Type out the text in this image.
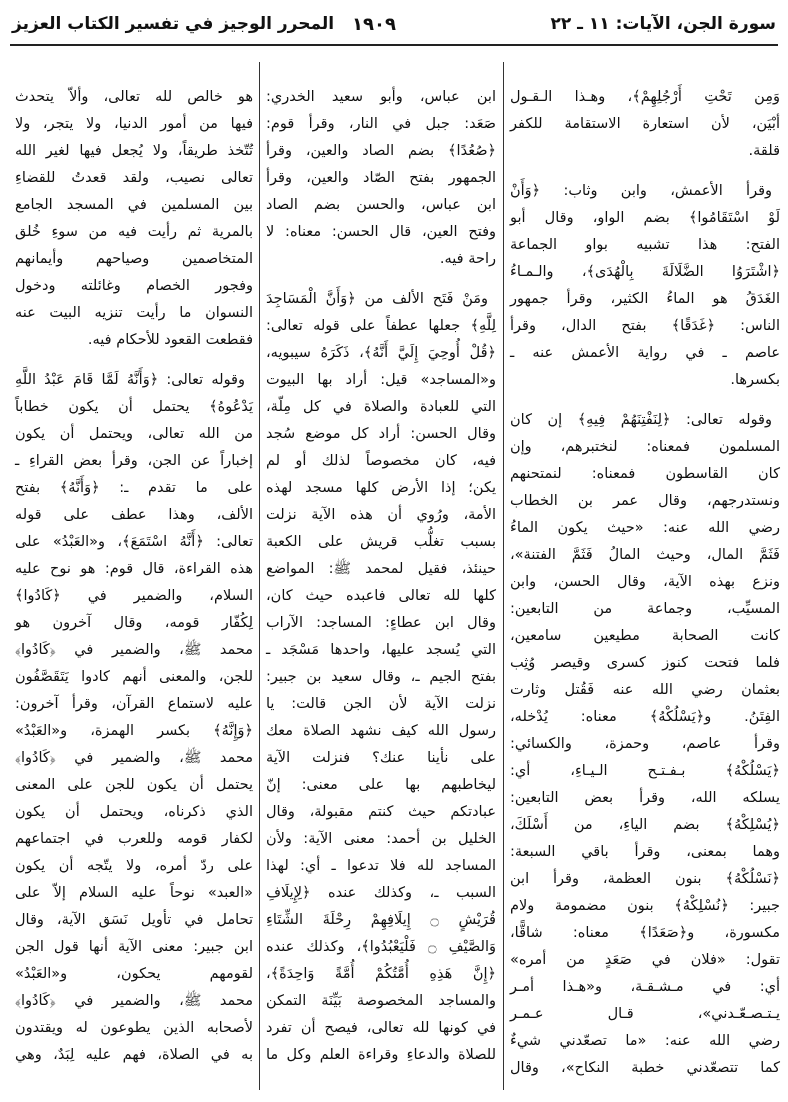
سورة الجن، الآيات: ١١ ـ ٢٢
١٩٠٩
المحرر الوجيز في تفسير الكتاب العزيز
وَمِن تَحْتِ أَرْجُلِهِمْ﴾، وهـذا الـقـول
أبْيَن، لأن استعارة الاستقامة للكفر
قلقة.
وقرأ الأعمش، وابن وثاب: ﴿وَأَنْ
لَوْ اسْتَقَامُوا﴾ بضم الواو، وقال أبو
الفتح: هذا تشبيه بواو الجماعة
﴿اشْتَرَوُا الضَّلَالَةَ بِالْهُدَى﴾، والـمـاءُ
الغَدَقُ هو الماءُ الكثير، وقرأ جمهور
الناس: ﴿غَدَقًا﴾ بفتح الدال، وقرأ
عاصم ـ في رواية الأعمش عنه ـ
بكسرها.
وقوله تعالى: ﴿لِنَفْتِنَهُمْ فِيهِ﴾ إن كان
المسلمون فمعناه: لنختبرهم، وإن
كان القاسطون فمعناه: لنمتحنهم
ونستدرجهم، وقال عمر بن الخطاب
رضي الله عنه: «حيث يكون الماءُ
فَثَمَّ المال، وحيث المالُ فَثَمَّ الفتنة»،
ونزع بهذه الآية، وقال الحسن، وابن
المسيِّب، وجماعة من التابعين:
كانت الصحابة مطيعين سامعين،
فلما فتحت كنوز كسرى وقيصر وُثِب
بعثمان رضي الله عنه فَقُتل وثارت
الفِتَنُ. و﴿يَسْلُكْهُ﴾ معناه: يُدْخله،
وقرأ عاصم، وحمزة، والكسائي:
﴿يَسْلُكْهُ﴾ بـفـتـح الـيـاءِ، أي:
يسلكه الله، وقرأ بعض التابعين:
﴿يُسْلِكْهُ﴾ بضم الياءِ، من أَسْلَكَ،
وهما بمعنى، وقرأ باقي السبعة:
﴿نَسْلُكْهُ﴾ بنون العظمة، وقرأ ابن
جبير: ﴿نُسْلِكْهُ﴾ بنون مضمومة ولام
مكسورة، و﴿صَعَدًا﴾ معناه: شاقًّا،
تقول: «فلان في صَعَدٍ من أمره»
أي: في مـشـقـة، و«هـذا أمـر
يـتـصـعّـدني»، قـال عـمـر
رضي الله عنه: «ما تصعّدني شيءٌ
كما تتصعّدني خطبة النكاح»، وقال
ابن عباس، وأبو سعيد الخدري:
صَعَد: جبل في النار، وقرأ قوم:
﴿صُعُدًا﴾ بضم الصاد والعين، وقرأ
الجمهور بفتح الصّاد والعين، وقرأ
ابن عباس، والحسن بضم الصاد
وفتح العين، قال الحسن: معناه: لا
راحة فيه.
ومَنْ فَتَح الألف من ﴿وَأَنَّ الْمَسَاجِدَ
لِلَّهِ﴾ جعلها عطفاً على قوله تعالى:
﴿قُلْ أُوحِيَ إِلَيَّ أَنَّهُ﴾، ذَكَرَهُ سيبويه،
و«المساجد» قيل: أراد بها البيوت
التي للعبادة والصلاة في كل مِلّة،
وقال الحسن: أراد كل موضع سُجد
فيه، كان مخصوصاً لذلك أو لم
يكن؛ إذا الأرض كلها مسجد لهذه
الأمة، ورُوي أن هذه الآية نزلت
بسبب تغلُّب قريش على الكعبة
حينئذ، فقيل لمحمد ﷺ: المواضع
كلها لله تعالى فاعبده حيث كان،
وقال ابن عطاءٍ: المساجد: الآراب
التي يُسجد عليها، واحدها مَسْجَد ـ
بفتح الجيم ـ، وقال سعيد بن جبير:
نزلت الآية لأن الجن قالت: يا
رسول الله كيف نشهد الصلاة معك
على نأينا عنك؟ فنزلت الآية
ليخاطبهم بها على معنى: إنّ
عبادتكم حيث كنتم مقبولة، وقال
الخليل بن أحمد: معنى الآية: ولأن
المساجد لله فلا تدعوا ـ أي: لهذا
السبب ـ، وكذلك عنده ﴿لِإِيلَافِ
قُرَيْشٍ ۝ إِيلَافِهِمْ رِحْلَةَ الشِّتَاءِ
وَالصَّيْفِ ۝ فَلْيَعْبُدُوا﴾، وكذلك عنده
﴿إِنَّ هَذِهِ أُمَّتُكُمْ أُمَّةً وَاحِدَةً﴾،
والمساجد المخصوصة بَيِّنَة التمكن
في كونها لله تعالى، فيصح أن تفرد
للصلاة والدعاءِ وقراءة العلم وكل ما
هو خالص لله تعالى، وألاّ يتحدث
فيها من أمور الدنيا، ولا يتجر، ولا
تُتّخذ طريقاً، ولا يُجعل فيها لغير الله
تعالى نصيب، ولقد قعدتُ للقضاءِ
بين المسلمين في المسجد الجامع
بالمرية ثم رأيت فيه من سوءِ خُلق
المتخاصمين وصياحهم وأيمانهم
وفجور الخصام وغائلته ودخول
النسوان ما رأيت تنزيه البيت عنه
فقطعت القعود للأحكام فيه.
وقوله تعالى: ﴿وَأَنَّهُ لَمَّا قَامَ عَبْدُ اللَّهِ
يَدْعُوهُ﴾ يحتمل أن يكون خطاباً
من الله تعالى، ويحتمل أن يكون
إخباراً عن الجن، وقرأ بعض القراءِ ـ
على ما تقدم ـ: ﴿وَأَنَّهُ﴾ بفتح
الألف، وهذا عطف على قوله
تعالى: ﴿أَنَّهُ اسْتَمَعَ﴾، و«العَبْدُ» على
هذه القراءة، قال قوم: هو نوح عليه
السلام، والضمير في ﴿كَادُوا﴾
لِكُفّار قومه، وقال آخرون هو
محمد ﷺ، والضمير في ﴿كَادُوا﴾
للجن، والمعنى أنهم كادوا يَتَقَصَّفُون
عليه لاستماع القرآن، وقرأ آخرون:
﴿وَإِنَّهُ﴾ بكسر الهمزة، و«العَبْدُ»
محمد ﷺ، والضمير في ﴿كَادُوا﴾
يحتمل أن يكون للجن على المعنى
الذي ذكرناه، ويحتمل أن يكون
لكفار قومه وللعرب في اجتماعهم
على ردّ أمره، ولا يتّجه أن يكون
«العبد» نوحاً عليه السلام إلاّ على
تحامل في تأويل نَسَق الآية، وقال
ابن جبير: معنى الآية أنها قول الجن
لقومهم يحكون، و«العَبْدُ»
محمد ﷺ، والضمير في ﴿كَادُوا﴾
لأصحابه الذين يطوعون له ويقتدون
به في الصلاة، فهم عليه لِبَدٌ، وهي
